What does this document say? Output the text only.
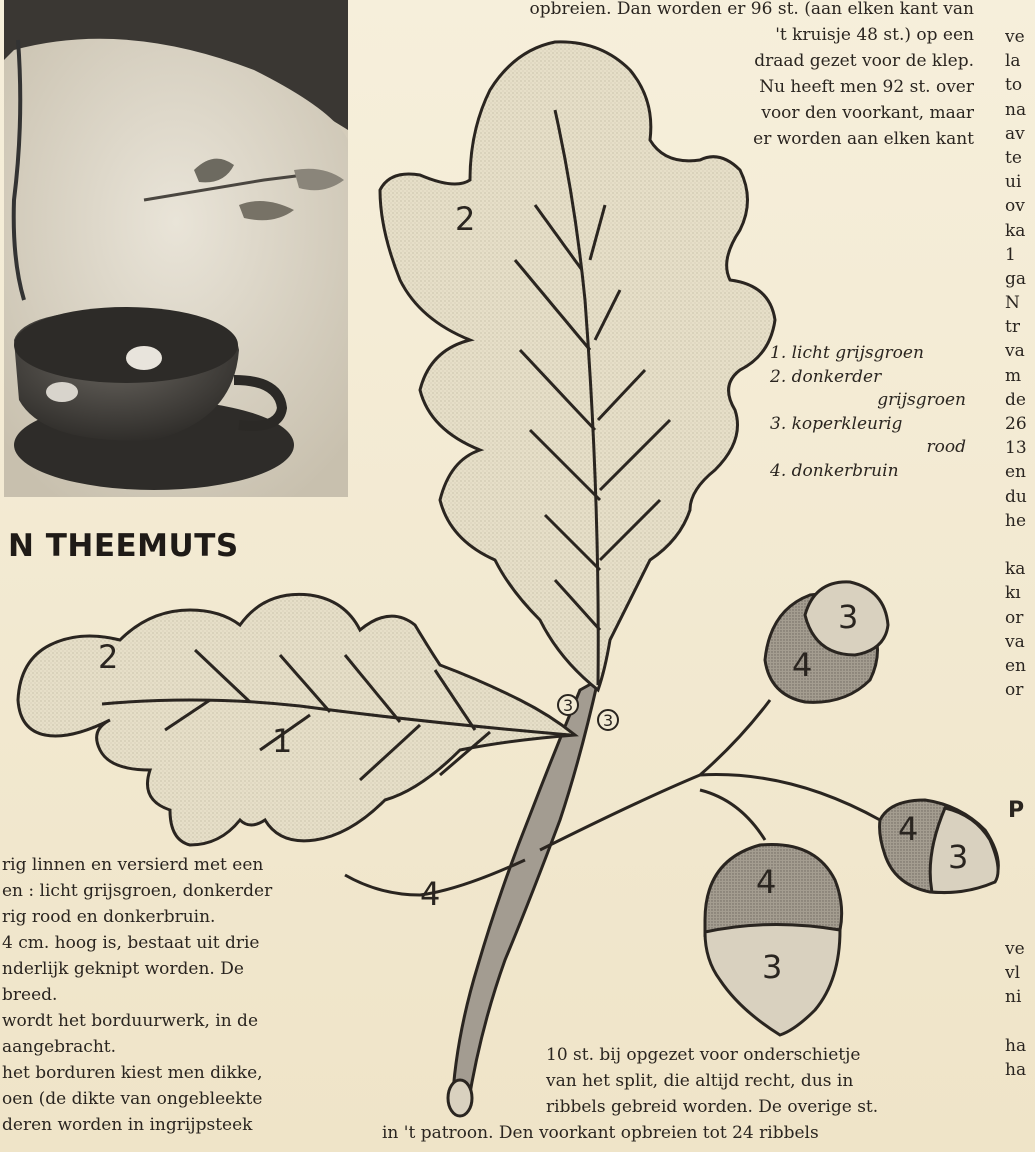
N THEEMUTS
opbreien. Dan worden er 96 st. (aan elken kant van
't kruisje 48 st.) op een
draad gezet voor de klep.
Nu heeft men 92 st. over
voor den voorkant, maar
er worden aan elken kant
ve
la
to
na
av
te
ui
ov
ka
1
ga
N
tr
va
m
de
26
13
en
du
he
ka
kı
or
va
en
or
ve
vl
ni
ha
ha
P
2
2
1
3
3
4
4
3
4
3
4
3
1. licht grijsgroen
2. donkerder
grijsgroen
3. koperkleurig
rood
4. donkerbruin
rig linnen en versierd met een
en : licht grijsgroen, donkerder
rig rood en donkerbruin.
4 cm. hoog is, bestaat uit drie
nderlijk geknipt worden. De
breed.
wordt het borduurwerk, in de
aangebracht.
het borduren kiest men dikke,
oen (de dikte van ongebleekte
deren worden in ingrijpsteek
10 st. bij opgezet voor onderschietje
van het split, die altijd recht, dus in
ribbels gebreid worden. De overige st.
in 't patroon. Den voorkant opbreien tot 24 ribbels
